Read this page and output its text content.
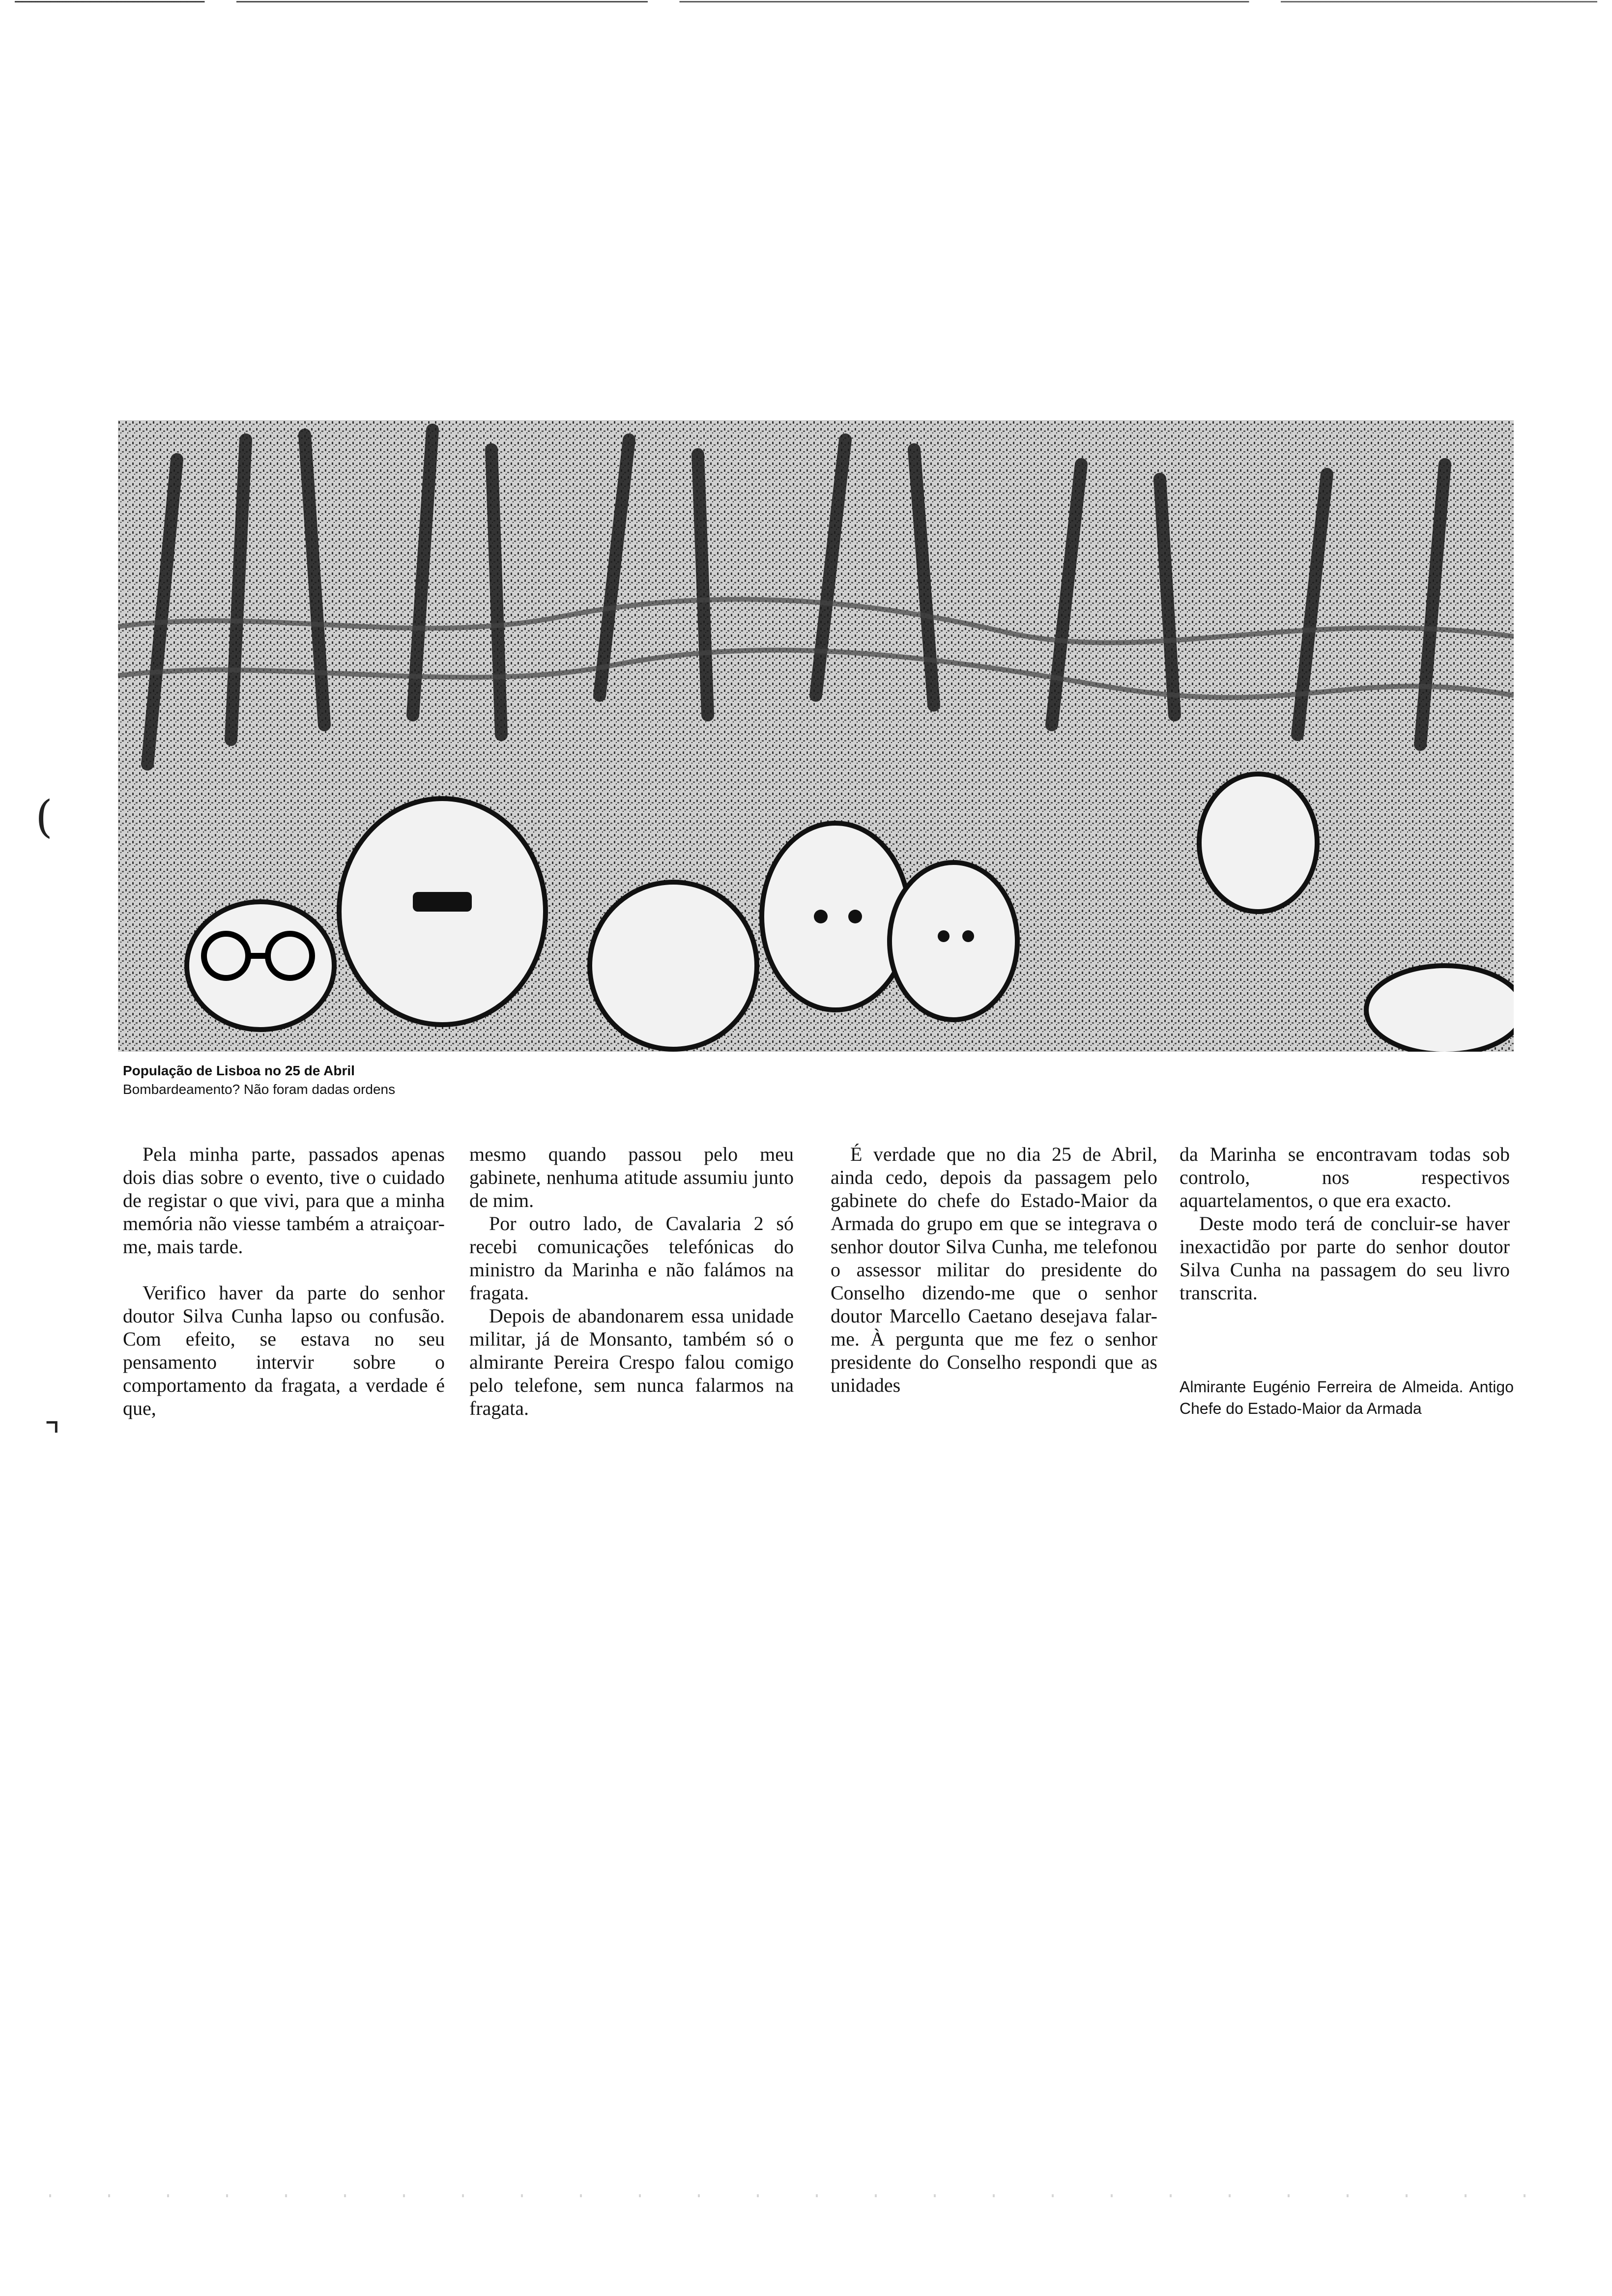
(
⌝
População de Lisboa no 25 de Abril
Bombardeamento? Não foram dadas ordens

Pela minha parte, passados apenas dois dias sobre o evento, tive o cuidado de registar o que vivi, para que a minha memória não viesse também a atraiçoar-me, mais tarde.

Verifico haver da parte do senhor doutor Silva Cunha lapso ou confusão. Com efeito, se estava no seu pensamento intervir sobre o comportamento da fragata, a verdade é que,

mesmo quando passou pelo meu gabinete, nenhuma atitude assumiu junto de mim.

Por outro lado, de Cavalaria 2 só recebi comunicações telefónicas do ministro da Marinha e não falámos na fragata.

Depois de abandonarem essa unidade militar, já de Monsanto, também só o almirante Pereira Crespo falou comigo pelo telefone, sem nunca falarmos na fragata.

É verdade que no dia 25 de Abril, ainda cedo, depois da passagem pelo gabinete do chefe do Estado-Maior da Armada do grupo em que se integrava o senhor doutor Silva Cunha, me telefonou o assessor militar do presidente do Conselho dizendo-me que o senhor doutor Marcello Caetano desejava falar-me. À pergunta que me fez o senhor presidente do Conselho respondi que as unidades

da Marinha se encontravam todas sob controlo, nos respectivos aquartelamentos, o que era exacto.

Deste modo terá de concluir-se haver inexactidão por parte do senhor doutor Silva Cunha na passagem do seu livro transcrita.

Almirante Eugénio Ferreira de Almeida. Antigo Chefe do Estado-Maior da Armada
